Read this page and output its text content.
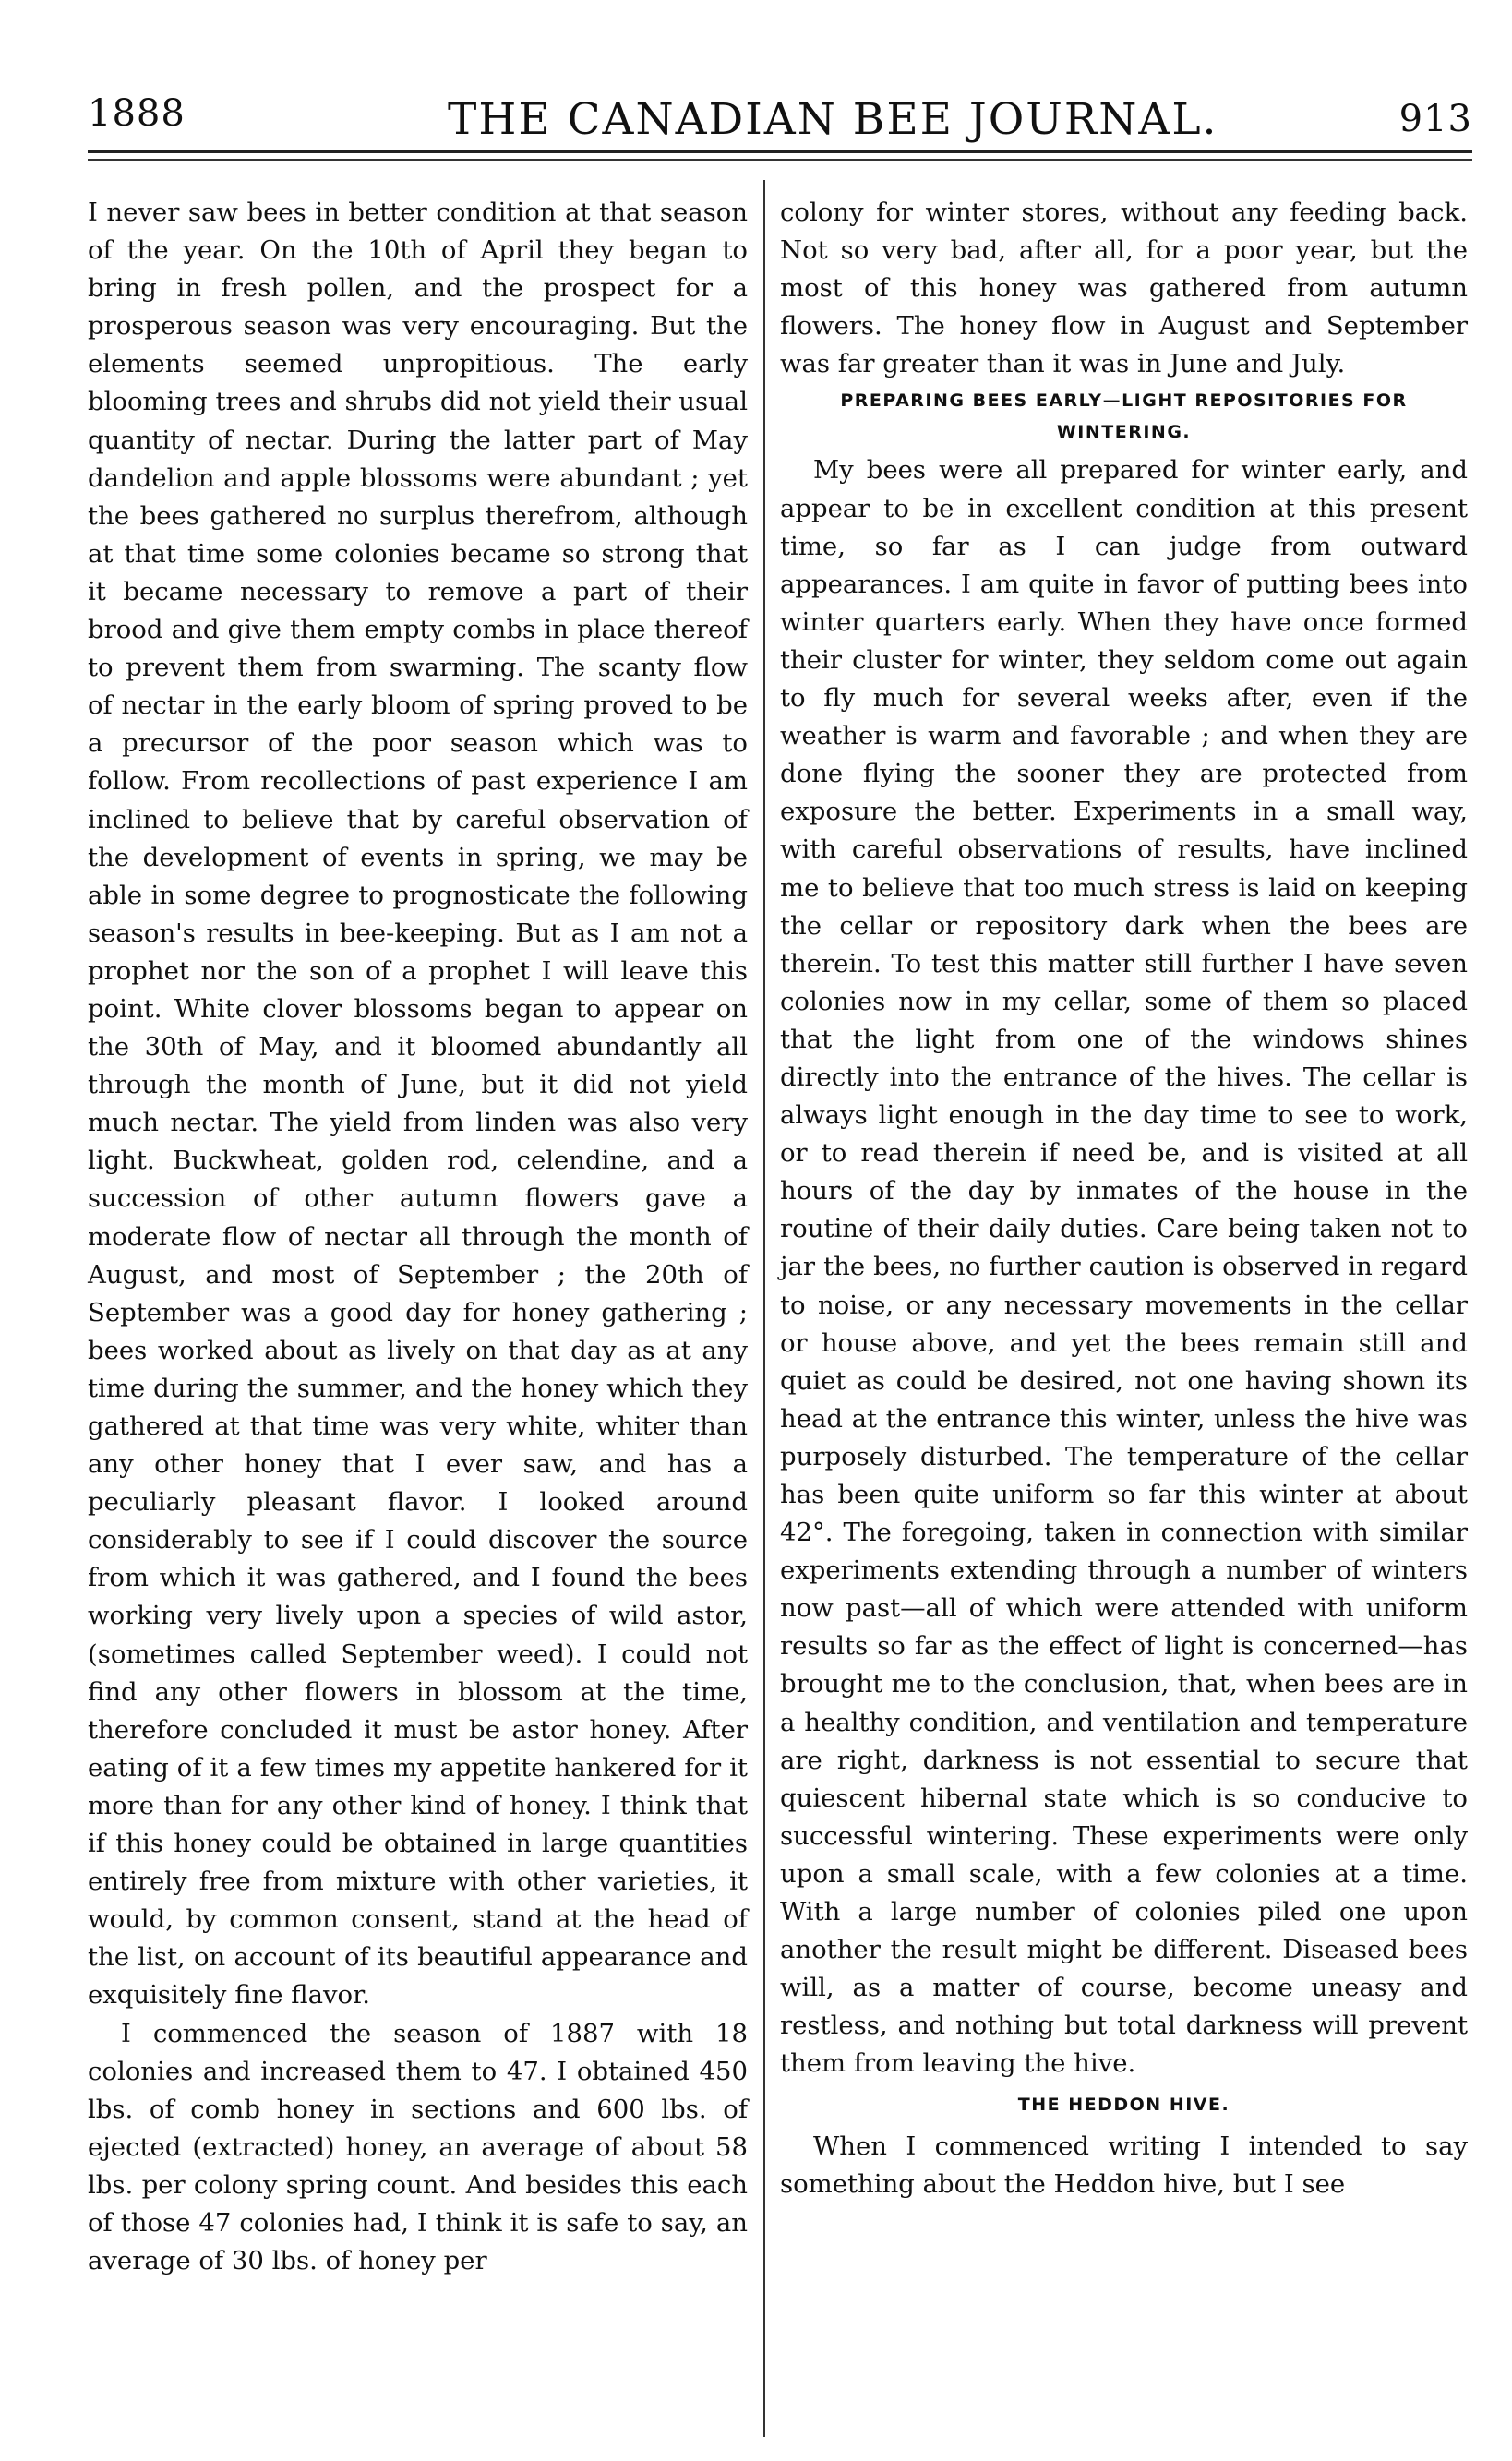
1888	THE CANADIAN BEE JOURNAL.	913

I never saw bees in better condition at that season of the year. On the 10th of April they began to bring in fresh pollen, and the prospect for a prosperous season was very encouraging. But the elements seemed unpropitious. The early blooming trees and shrubs did not yield their usual quantity of nectar. During the latter part of May dandelion and apple blossoms were abundant ; yet the bees gathered no surplus therefrom, although at that time some colonies became so strong that it became necessary to remove a part of their brood and give them empty combs in place thereof to prevent them from swarming. The scanty flow of nectar in the early bloom of spring proved to be a precursor of the poor season which was to follow. From recollections of past experience I am inclined to believe that by careful observation of the development of events in spring, we may be able in some degree to prognosticate the following season's results in bee-keeping. But as I am not a prophet nor the son of a prophet I will leave this point. White clover blossoms began to appear on the 30th of May, and it bloomed abundantly all through the month of June, but it did not yield much nectar. The yield from linden was also very light. Buckwheat, golden rod, celendine, and a succession of other autumn flowers gave a moderate flow of nectar all through the month of August, and most of September ; the 20th of September was a good day for honey gathering ; bees worked about as lively on that day as at any time during the summer, and the honey which they gathered at that time was very white, whiter than any other honey that I ever saw, and has a peculiarly pleasant flavor. I looked around considerably to see if I could discover the source from which it was gathered, and I found the bees working very lively upon a species of wild astor, (sometimes called September weed). I could not find any other flowers in blossom at the time, therefore concluded it must be astor honey. After eating of it a few times my appetite hankered for it more than for any other kind of honey. I think that if this honey could be obtained in large quantities entirely free from mixture with other varieties, it would, by common consent, stand at the head of the list, on account of its beautiful appearance and exquisitely fine flavor.

I commenced the season of 1887 with 18 colonies and increased them to 47. I obtained 450 lbs. of comb honey in sections and 600 lbs. of ejected (extracted) honey, an average of about 58 lbs. per colony spring count. And besides this each of those 47 colonies had, I think it is safe to say, an average of 30 lbs. of honey per

colony for winter stores, without any feeding back. Not so very bad, after all, for a poor year, but the most of this honey was gathered from autumn flowers. The honey flow in August and September was far greater than it was in June and July.

PREPARING BEES EARLY—LIGHT REPOSITORIES FOR WINTERING.

My bees were all prepared for winter early, and appear to be in excellent condition at this present time, so far as I can judge from outward appearances. I am quite in favor of putting bees into winter quarters early. When they have once formed their cluster for winter, they seldom come out again to fly much for several weeks after, even if the weather is warm and favorable ; and when they are done flying the sooner they are protected from exposure the better. Experiments in a small way, with careful observations of results, have inclined me to believe that too much stress is laid on keeping the cellar or repository dark when the bees are therein. To test this matter still further I have seven colonies now in my cellar, some of them so placed that the light from one of the windows shines directly into the entrance of the hives. The cellar is always light enough in the day time to see to work, or to read therein if need be, and is visited at all hours of the day by inmates of the house in the routine of their daily duties. Care being taken not to jar the bees, no further caution is observed in regard to noise, or any necessary movements in the cellar or house above, and yet the bees remain still and quiet as could be desired, not one having shown its head at the entrance this winter, unless the hive was purposely disturbed. The temperature of the cellar has been quite uniform so far this winter at about 42°. The foregoing, taken in connection with similar experiments extending through a number of winters now past—all of which were attended with uniform results so far as the effect of light is concerned—has brought me to the conclusion, that, when bees are in a healthy condition, and ventilation and temperature are right, darkness is not essential to secure that quiescent hibernal state which is so conducive to successful wintering. These experiments were only upon a small scale, with a few colonies at a time. With a large number of colonies piled one upon another the result might be different. Diseased bees will, as a matter of course, become uneasy and restless, and nothing but total darkness will prevent them from leaving the hive.

THE HEDDON HIVE.

When I commenced writing I intended to say something about the Heddon hive, but I see
